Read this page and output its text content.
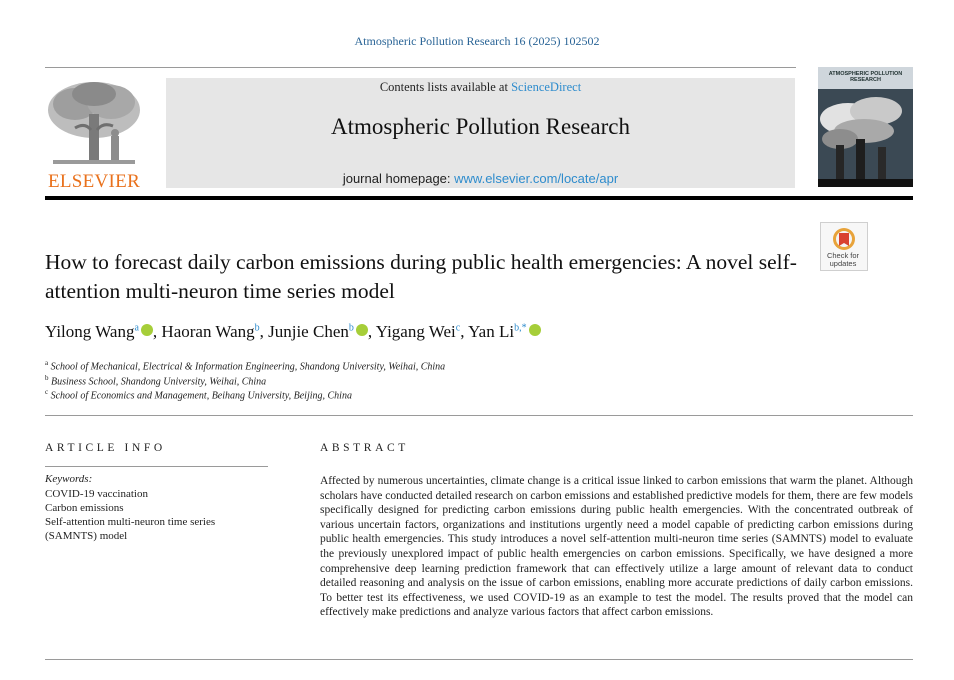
Atmospheric Pollution Research 16 (2025) 102502
ELSEVIER
Contents lists available at ScienceDirect
Atmospheric Pollution Research
journal homepage: www.elsevier.com/locate/apr
ATMOSPHERIC POLLUTION RESEARCH
Check for updates
How to forecast daily carbon emissions during public health emergencies: A novel self-attention multi-neuron time series model
Yilong Wang$^a$ , Haoran Wang$^b$, Junjie Chen$^b$ , Yigang Wei$^c$, Yan $Li^{b,*}$
$^a$ School of Mechanical, Electrical & Information Engineering, Shandong University, Weihai, China
$^b$ Business School, Shandong University, Weihai, China
$^c$ School of Economics and Management, Beihang University, Beijing, China
ARTICLE INFO
Keywords:
COVID-19 vaccination
Carbon emissions
Self-attention multi-neuron time series
(SAMNTS) model
ABSTRACT
Affected by numerous uncertainties, climate change is a critical issue linked to carbon emissions that warm the planet. Although scholars have conducted detailed research on carbon emissions and established predictive models for them, there are few models specifically designed for predicting carbon emissions during public health emergencies. With the concentrated outbreak of various uncertain factors, organizations and institutions urgently need a model capable of predicting carbon emissions during public health emergencies. This study introduces a novel self-attention multi-neuron time series (SAMNTS) model to evaluate the previously unexplored impact of public health emergencies on carbon emissions. Specifically, we have designed a more comprehensive deep learning prediction framework that can effectively utilize a large amount of relevant data to conduct detailed reasoning and analysis on the issue of carbon emissions, enabling more accurate predictions of daily carbon emissions. To better test its effectiveness, we used COVID-19 as an example to test the model. The results proved that the model can effectively make predictions and analyze various factors that affect carbon emissions.
